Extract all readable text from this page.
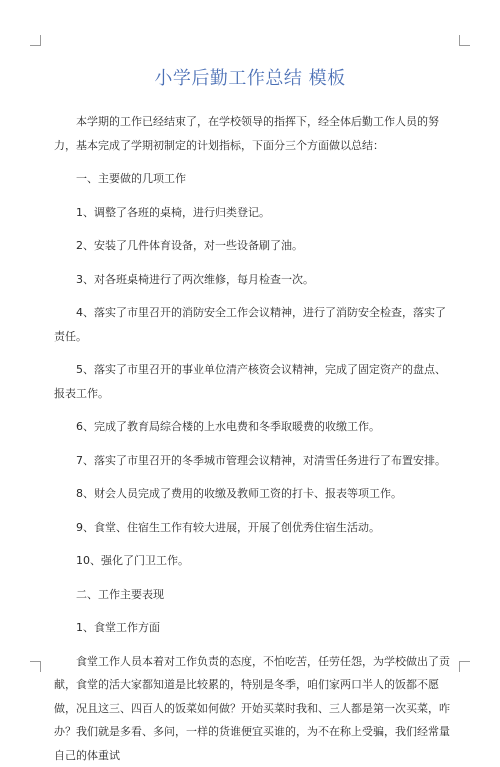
小学后勤工作总结 模板

本学期的工作已经结束了，在学校领导的指挥下，经全体后勤工作人员的努力，基本完成了学期初制定的计划指标，下面分三个方面做以总结：

一、主要做的几项工作

1、调整了各班的桌椅，进行归类登记。

2、安装了几件体育设备，对一些设备刷了油。

3、对各班桌椅进行了两次维修，每月检查一次。

4、落实了市里召开的消防安全工作会议精神，进行了消防安全检查，落实了责任。

5、落实了市里召开的事业单位清产核资会议精神，完成了固定资产的盘点、报表工作。

6、完成了教育局综合楼的上水电费和冬季取暖费的收缴工作。

7、落实了市里召开的冬季城市管理会议精神，对清雪任务进行了布置安排。

8、财会人员完成了费用的收缴及教师工资的打卡、报表等项工作。

9、食堂、住宿生工作有较大进展，开展了创优秀住宿生活动。

10、强化了门卫工作。

二、工作主要表现

1、食堂工作方面

食堂工作人员本着对工作负责的态度，不怕吃苦，任劳任怨，为学校做出了贡献，食堂的活大家都知道是比较累的，特别是冬季，咱们家两口半人的饭都不愿做，况且这三、四百人的饭菜如何做？开始买菜时我和、三人都是第一次买菜，咋办？我们就是多看、多问，一样的货谁便宜买谁的，为不在称上受骗，我们经常量自己的体重试
